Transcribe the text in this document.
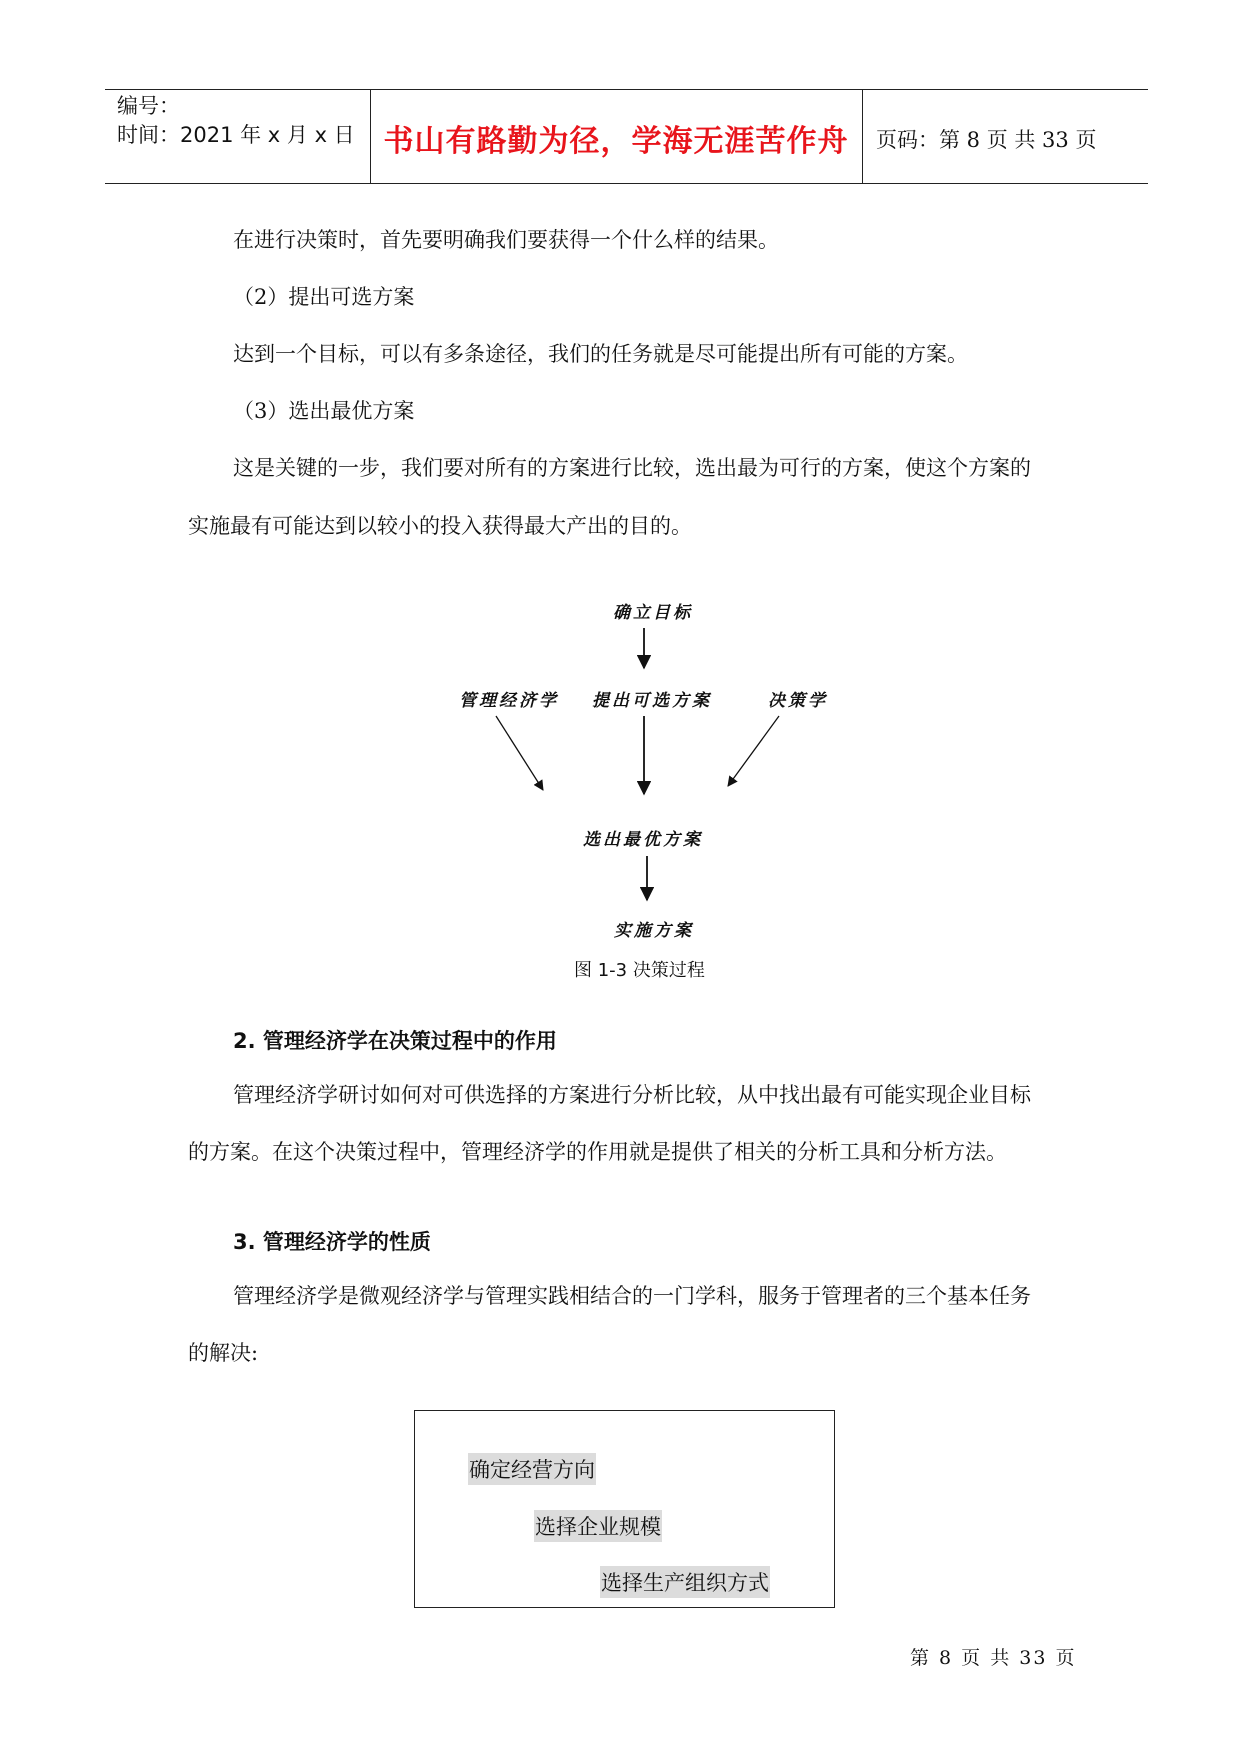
编号：
时间：2021 年 x 月 x 日 书山有路勤为径，学海无涯苦作舟	页码：第 8 页 共 33 页
在进行决策时，首先要明确我们要获得一个什么样的结果。
（2）提出可选方案
达到一个目标，可以有多条途径，我们的任务就是尽可能提出所有可能的方案。
（3）选出最优方案
这是关键的一步，我们要对所有的方案进行比较，选出最为可行的方案，使这个方案的
实施最有可能达到以较小的投入获得最大产出的目的。
确立目标
管理经济学 提出可选方案	决策学
选出最优方案
实施方案
图 1-3 决策过程
2. 管理经济学在决策过程中的作用
管理经济学研讨如何对可供选择的方案进行分析比较，从中找出最有可能实现企业目标
的方案。在这个决策过程中，管理经济学的作用就是提供了相关的分析工具和分析方法。
3. 管理经济学的性质
管理经济学是微观经济学与管理实践相结合的一门学科，服务于管理者的三个基本任务
的解决:
确定经营方向
选择企业规模
选择生产组织方式
第 8 页 共 33 页
